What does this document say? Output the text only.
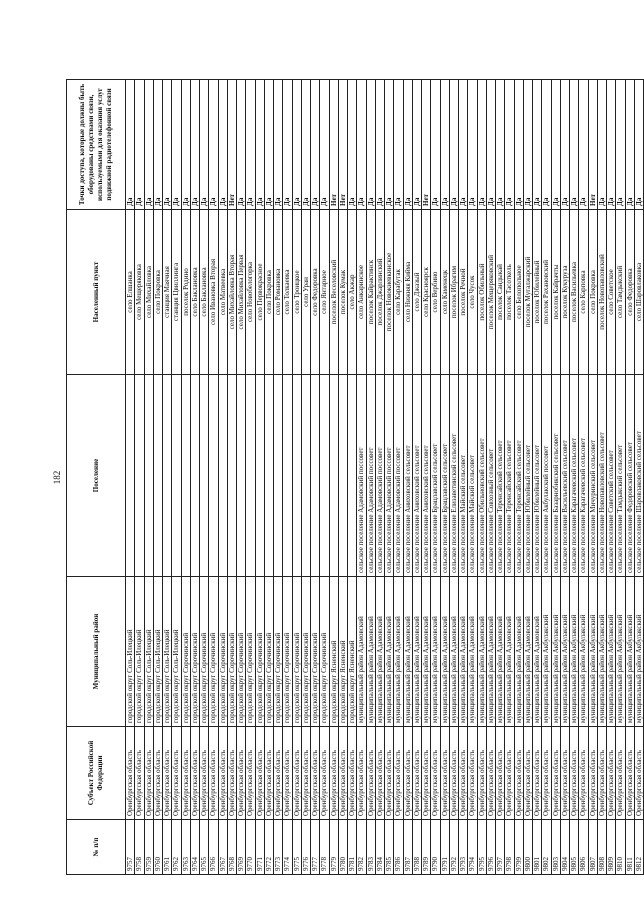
182
№ п/п	Субъект Российской Федерации	Муниципальный район	Поселение	Населенный пункт	Точки доступа, которые должны быть оборудованы средствами связи, используемыми для оказания услуг подвижной радиотелефонной связи
9757	Оренбургская область	городской округ Соль-Илецкий		село Елшанка	Да
9758	Оренбургская область	городской округ Соль-Илецкий		село Мещеряковка	Да
9759	Оренбургская область	городской округ Соль-Илецкий		село Михайловка	Да
9760	Оренбургская область	городской округ Соль-Илецкий		село Покровка	Да
9761	Оренбургская область	городской округ Соль-Илецкий		станция Маячная	Да
9762	Оренбургская область	городской округ Соль-Илецкий		станция Цвиллинга	Да
9763	Оренбургская область	городской округ Сорочинский		поселок Родино	Да
9764	Оренбургская область	городской округ Сорочинский		село Баклановка	Да
9765	Оренбургская область	городской округ Сорочинский		село Баклановка	Да
9766	Оренбургская область	городской округ Сорочинский		село Ивановка Вторая	Да
9767	Оренбургская область	городской округ Сорочинский		село Матвеевка	Да
9768	Оренбургская область	городской округ Сорочинский		село Михайловка Вторая	Нет
9769	Оренбургская область	городской округ Сорочинский		село Михайловка Первая	Да
9770	Оренбургская область	городской округ Сорочинский		село Новобелогорка	Да
9771	Оренбургская область	городской округ Сорочинский		село Первокрасное	Да
9772	Оренбургская область	городской округ Сорочинский		село Покровка	Да
9773	Оренбургская область	городской округ Сорочинский		село Романовка	Да
9774	Оренбургская область	городской округ Сорочинский		село Толкаевка	Да
9775	Оренбургская область	городской округ Сорочинский		село Троицкое	Да
9776	Оренбургская область	городской округ Сорочинский		село Уран	Да
9777	Оренбургская область	городской округ Сорочинский		село Федоровка	Да
9778	Оренбургская область	городской округ Сорочинский		село Янтарное	Да
9779	Оренбургская область	городской округ Ясненский		поселок Веселовский	Нет
9780	Оренбургская область	городской округ Ясненский		поселок Кумак	Нет
9781	Оренбургская область	городской округ Ясненский		село Акжар	Да
9782	Оренбургская область	муниципальный район Адамовский	сельское поселение Адамовский поссовет	село Анкаринское	Да
9783	Оренбургская область	муниципальный район Адамовский	сельское поселение Адамовский поссовет	поселок Кайрактинск	Да
9784	Оренбургская область	муниципальный район Адамовский	сельское поселение Адамовский поссовет	поселок Джарлинский	Да
9785	Оренбургская область	муниципальный район Адамовский	сельское поселение Адамовский поссовет	поселок Новокиевкинское	Да
9786	Оренбургская область	муниципальный район Адамовский	сельское поселение Адамовский поссовет	село Карабутак	Да
9787	Оренбургская область	муниципальный район Адамовский	сельское поселение Аниховский сельсовет	село Нижняя Кийма	Да
9788	Оренбургская область	муниципальный район Адамовский	сельское поселение Аниховский сельсовет	село Джазый	Да
9789	Оренбургская область	муниципальный район Адамовский	сельское поселение Аниховский сельсовет	село Красноярск	Нет
9790	Оренбургская область	муниципальный район Адамовский	сельское поселение Брацлавский сельсовет	село Вербино	Да
9791	Оренбургская область	муниципальный район Адамовский	сельское поселение Брацлавский сельсовет	село Каменецк	Да
9792	Оренбургская область	муниципальный район Адамовский	сельское поселение Елизаветинский сельсовет	поселок Ибрагим	Да
9793	Оренбургская область	муниципальный район Адамовский	сельское поселение Майский сельсовет	поселок Речной	Да
9794	Оренбургская область	муниципальный район Адамовский	сельское поселение Майский сельсовет	село Чусок	Да
9795	Оренбургская область	муниципальный район Адамовский	сельское поселение Обильновский сельсовет	поселок Обильный	Да
9796	Оренбургская область	муниципальный район Адамовский	сельское поселение Совхозный сельсовет	поселок Мещеряковский	Да
9797	Оренбургская область	муниципальный район Адамовский	сельское поселение Теренсайский сельсовет	поселок Сандыкай	Да
9798	Оренбургская область	муниципальный район Адамовский	сельское поселение Теренсайский сельсовет	поселок Тасоткель	Да
9799	Оренбургская область	муниципальный район Адамовский	сельское поселение Теренсайский сельсовет	село Белопольное	Да
9800	Оренбургская область	муниципальный район Адамовский	сельское поселение Юбилейный сельсовет	поселок Мугалжарский	Да
9801	Оренбургская область	муниципальный район Адамовский	сельское поселение Юбилейный сельсовет	поселок Юбилейный	Да
9802	Оренбургская область	муниципальный район Акбулакский	сельское поселение Акбулакский поссовет	поселок Рахановский	Да
9803	Оренбургская область	муниципальный район Акбулакский	сельское поселение Базарнобикский сельсовет	поселок Кайрачты	Да
9804	Оренбургская область	муниципальный район Акбулакский	сельское поселение Васильевский сельсовет	поселок Кукуруза	Да
9805	Оренбургская область	муниципальный район Акбулакский	сельское поселение Карагачевский сельсовет	поселок Васильевка	Да
9806	Оренбургская область	муниципальный район Акбулакский	сельское поселение Карагачевский сельсовет	село Карповка	Да
9807	Оренбургская область	муниципальный район Акбулакский	сельское поселение Мичуринский сельсовет	село Покровка	Нет
9808	Оренбургская область	муниципальный район Акбулакский	сельское поселение Новопавловский сельсовет	поселок Новопавловский	Да
9809	Оренбургская область	муниципальный район Акбулакский	сельское поселение Советский сельсовет	село Советское	Да
9810	Оренбургская область	муниципальный район Акбулакский	сельское поселение Тамдыкский сельсовет	село Тамдыкский	Да
9811	Оренбургская область	муниципальный район Акбулакский	сельское поселение Федоровский сельсовет	село Федоровка	Да
9812	Оренбургская область	муниципальный район Акбулакский	сельское поселение Шаровлаковский сельсовет	село Шаровлаковка	Да
